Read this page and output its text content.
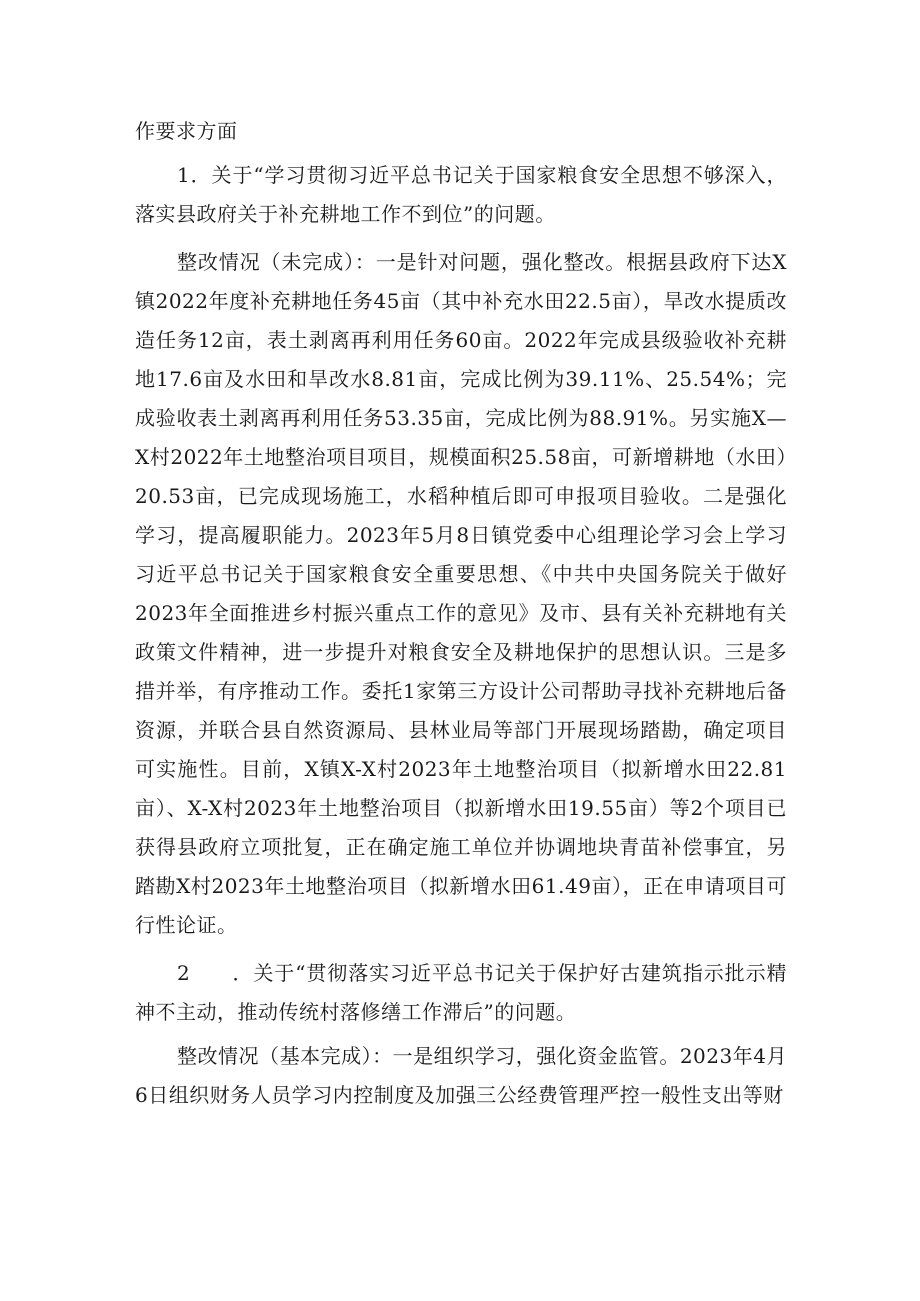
作要求方面

1．关于“学习贯彻习近平总书记关于国家粮食安全思想不够深入，落实县政府关于补充耕地工作不到位”的问题。

整改情况（未完成）：一是针对问题，强化整改。根据县政府下达X镇2022年度补充耕地任务45亩（其中补充水田22.5亩），旱改水提质改造任务12亩，表土剥离再利用任务60亩。2022年完成县级验收补充耕地17.6亩及水田和旱改水8.81亩，完成比例为39.11%、25.54%；完成验收表土剥离再利用任务53.35亩，完成比例为88.91%。另实施X—X村2022年土地整治项目项目，规模面积25.58亩，可新增耕地（水田）20.53亩，已完成现场施工，水稻种植后即可申报项目验收。二是强化学习，提高履职能力。2023年5月8日镇党委中心组理论学习会上学习习近平总书记关于国家粮食安全重要思想、《中共中央国务院关于做好2023年全面推进乡村振兴重点工作的意见》及市、县有关补充耕地有关政策文件精神，进一步提升对粮食安全及耕地保护的思想认识。三是多措并举，有序推动工作。委托1家第三方设计公司帮助寻找补充耕地后备资源，并联合县自然资源局、县林业局等部门开展现场踏勘，确定项目可实施性。目前，X镇X-X村2023年土地整治项目（拟新增水田22.81亩）、X-X村2023年土地整治项目（拟新增水田19.55亩）等2个项目已获得县政府立项批复，正在确定施工单位并协调地块青苗补偿事宜，另踏勘X村2023年土地整治项目（拟新增水田61.49亩），正在申请项目可行性论证。

2　　．关于“贯彻落实习近平总书记关于保护好古建筑指示批示精神不主动，推动传统村落修缮工作滞后”的问题。

整改情况（基本完成）：一是组织学习，强化资金监管。2023年4月6日组织财务人员学习内控制度及加强三公经费管理严控一般性支出等财
